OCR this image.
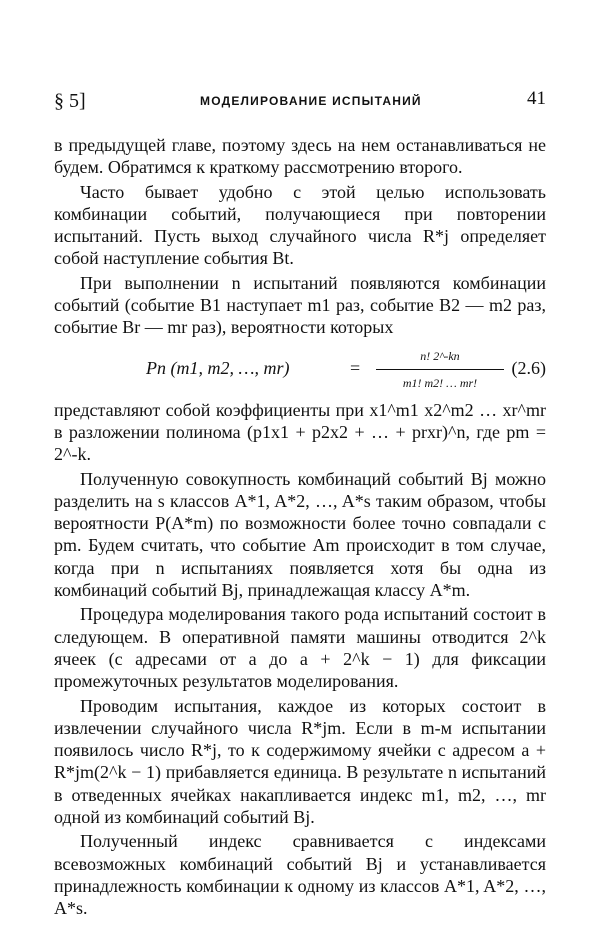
§ 5]	МОДЕЛИРОВАНИЕ ИСПЫТАНИЙ	41

в предыдущей главе, поэтому здесь на нем останавливаться не будем. Обратимся к краткому рассмотрению второго.

Часто бывает удобно с этой целью использовать комбинации событий, получающиеся при повторении испытаний. Пусть выход случайного числа R*j определяет собой наступление события Bt.

При выполнении n испытаний появляются комбинации событий (событие B1 наступает m1 раз, событие B2 — m2 раз, событие Br — mr раз), вероятности которых

Pn (m1, m2, …, mr)	=
n! 2^-kn
m1! m2! … mr!
(2.6)

представляют собой коэффициенты при x1^m1 x2^m2 … xr^mr в разложении полинома (p1x1 + p2x2 + … + prxr)^n, где pm = 2^-k.

Полученную совокупность комбинаций событий Bj можно разделить на s классов A*1, A*2, …, A*s таким образом, чтобы вероятности P(A*m) по возможности более точно совпадали с pm. Будем считать, что событие Am происходит в том случае, когда при n испытаниях появляется хотя бы одна из комбинаций событий Bj, принадлежащая классу A*m.

Процедура моделирования такого рода испытаний состоит в следующем. В оперативной памяти машины отводится 2^k ячеек (с адресами от a до a + 2^k − 1) для фиксации промежуточных результатов моделирования.

Проводим испытания, каждое из которых состоит в извлечении случайного числа R*jm. Если в m-м испытании появилось число R*j, то к содержимому ячейки с адресом a + R*jm(2^k − 1) прибавляется единица. В результате n испытаний в отведенных ячейках накапливается индекс m1, m2, …, mr одной из комбинаций событий Bj.

Полученный индекс сравнивается с индексами всевозможных комбинаций событий Bj и устанавливается принадлежность комбинации к одному из классов A*1, A*2, …, A*s.
